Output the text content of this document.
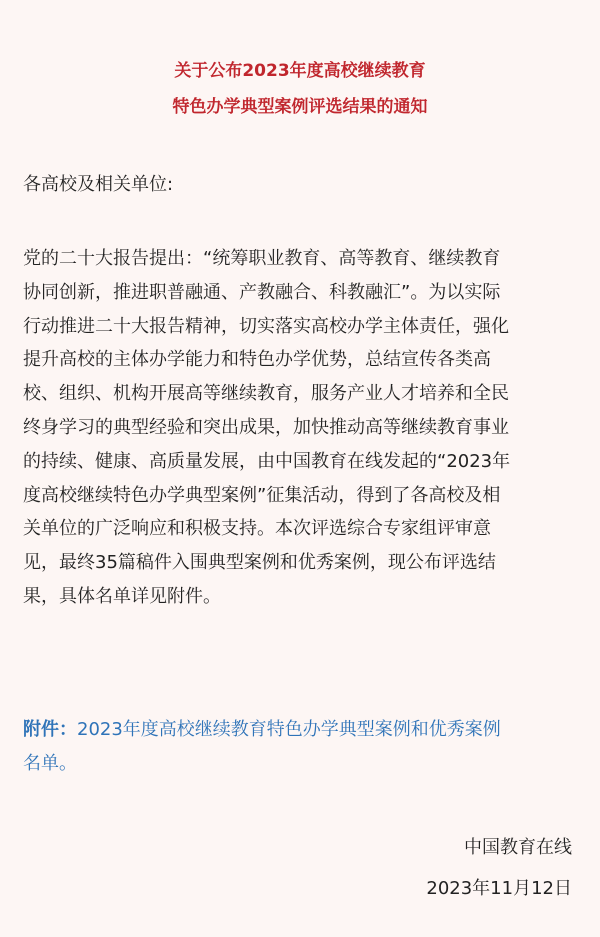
关于公布2023年度高校继续教育
特色办学典型案例评选结果的通知
各高校及相关单位:
党的二十大报告提出：“统筹职业教育、高等教育、继续教育
协同创新，推进职普融通、产教融合、科教融汇”。为以实际
行动推进二十大报告精神，切实落实高校办学主体责任，强化
提升高校的主体办学能力和特色办学优势，总结宣传各类高
校、组织、机构开展高等继续教育，服务产业人才培养和全民
终身学习的典型经验和突出成果，加快推动高等继续教育事业
的持续、健康、高质量发展，由中国教育在线发起的“2023年
度高校继续特色办学典型案例”征集活动，得到了各高校及相
关单位的广泛响应和积极支持。本次评选综合专家组评审意
见，最终35篇稿件入围典型案例和优秀案例，现公布评选结
果，具体名单详见附件。
附件：2023年度高校继续教育特色办学典型案例和优秀案例
名单。
中国教育在线
2023年11月12日
